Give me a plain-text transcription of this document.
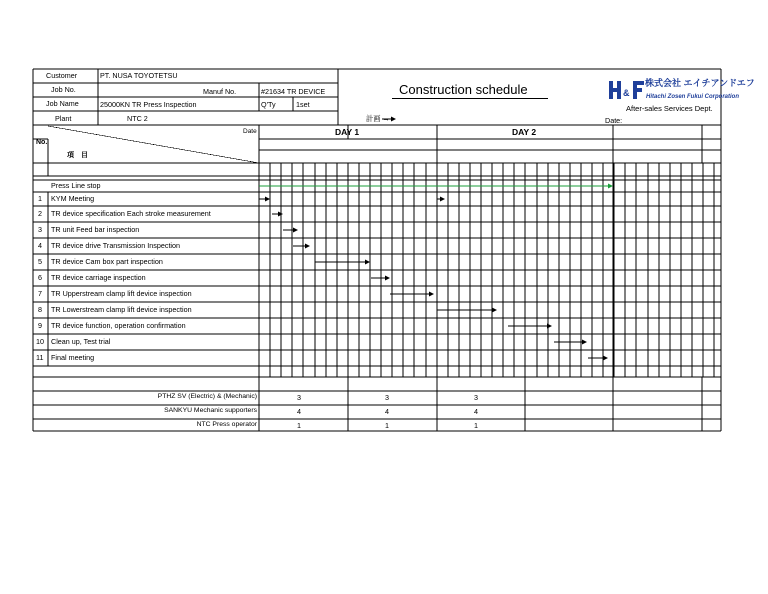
Customer	PT. NUSA TOYOTETSU
Job No.	Manuf No.	#21634 TR DEVICE
Job Name	25000KN TR Press Inspection	Q'Ty	1set
Plant	NTC 2
Construction schedule
計画 →	Date:
&
株式会社 エイチアンドエフ
Hitachi Zosen Fukui Corporation
After-sales Services Dept.
No.
項　目
Date	DAY 1	DAY 2
Press Line stop
1 KYM Meeting
2 TR device specification Each stroke measurement
3 TR unit Feed bar inspection
4 TR device drive Transmission Inspection
5 TR device Cam box part inspection
6 TR device carriage inspection
7 TR Upperstream clamp lift device inspection
8 TR Lowerstream clamp lift device inspection
9 TR device function, operation confirmation
10 Clean up, Test trial
11 Final meeting
PTHZ SV (Electric) & (Mechanic)	3	3	3
SANKYU Mechanic supporters	4	4	4
NTC Press operator	1	1	1
